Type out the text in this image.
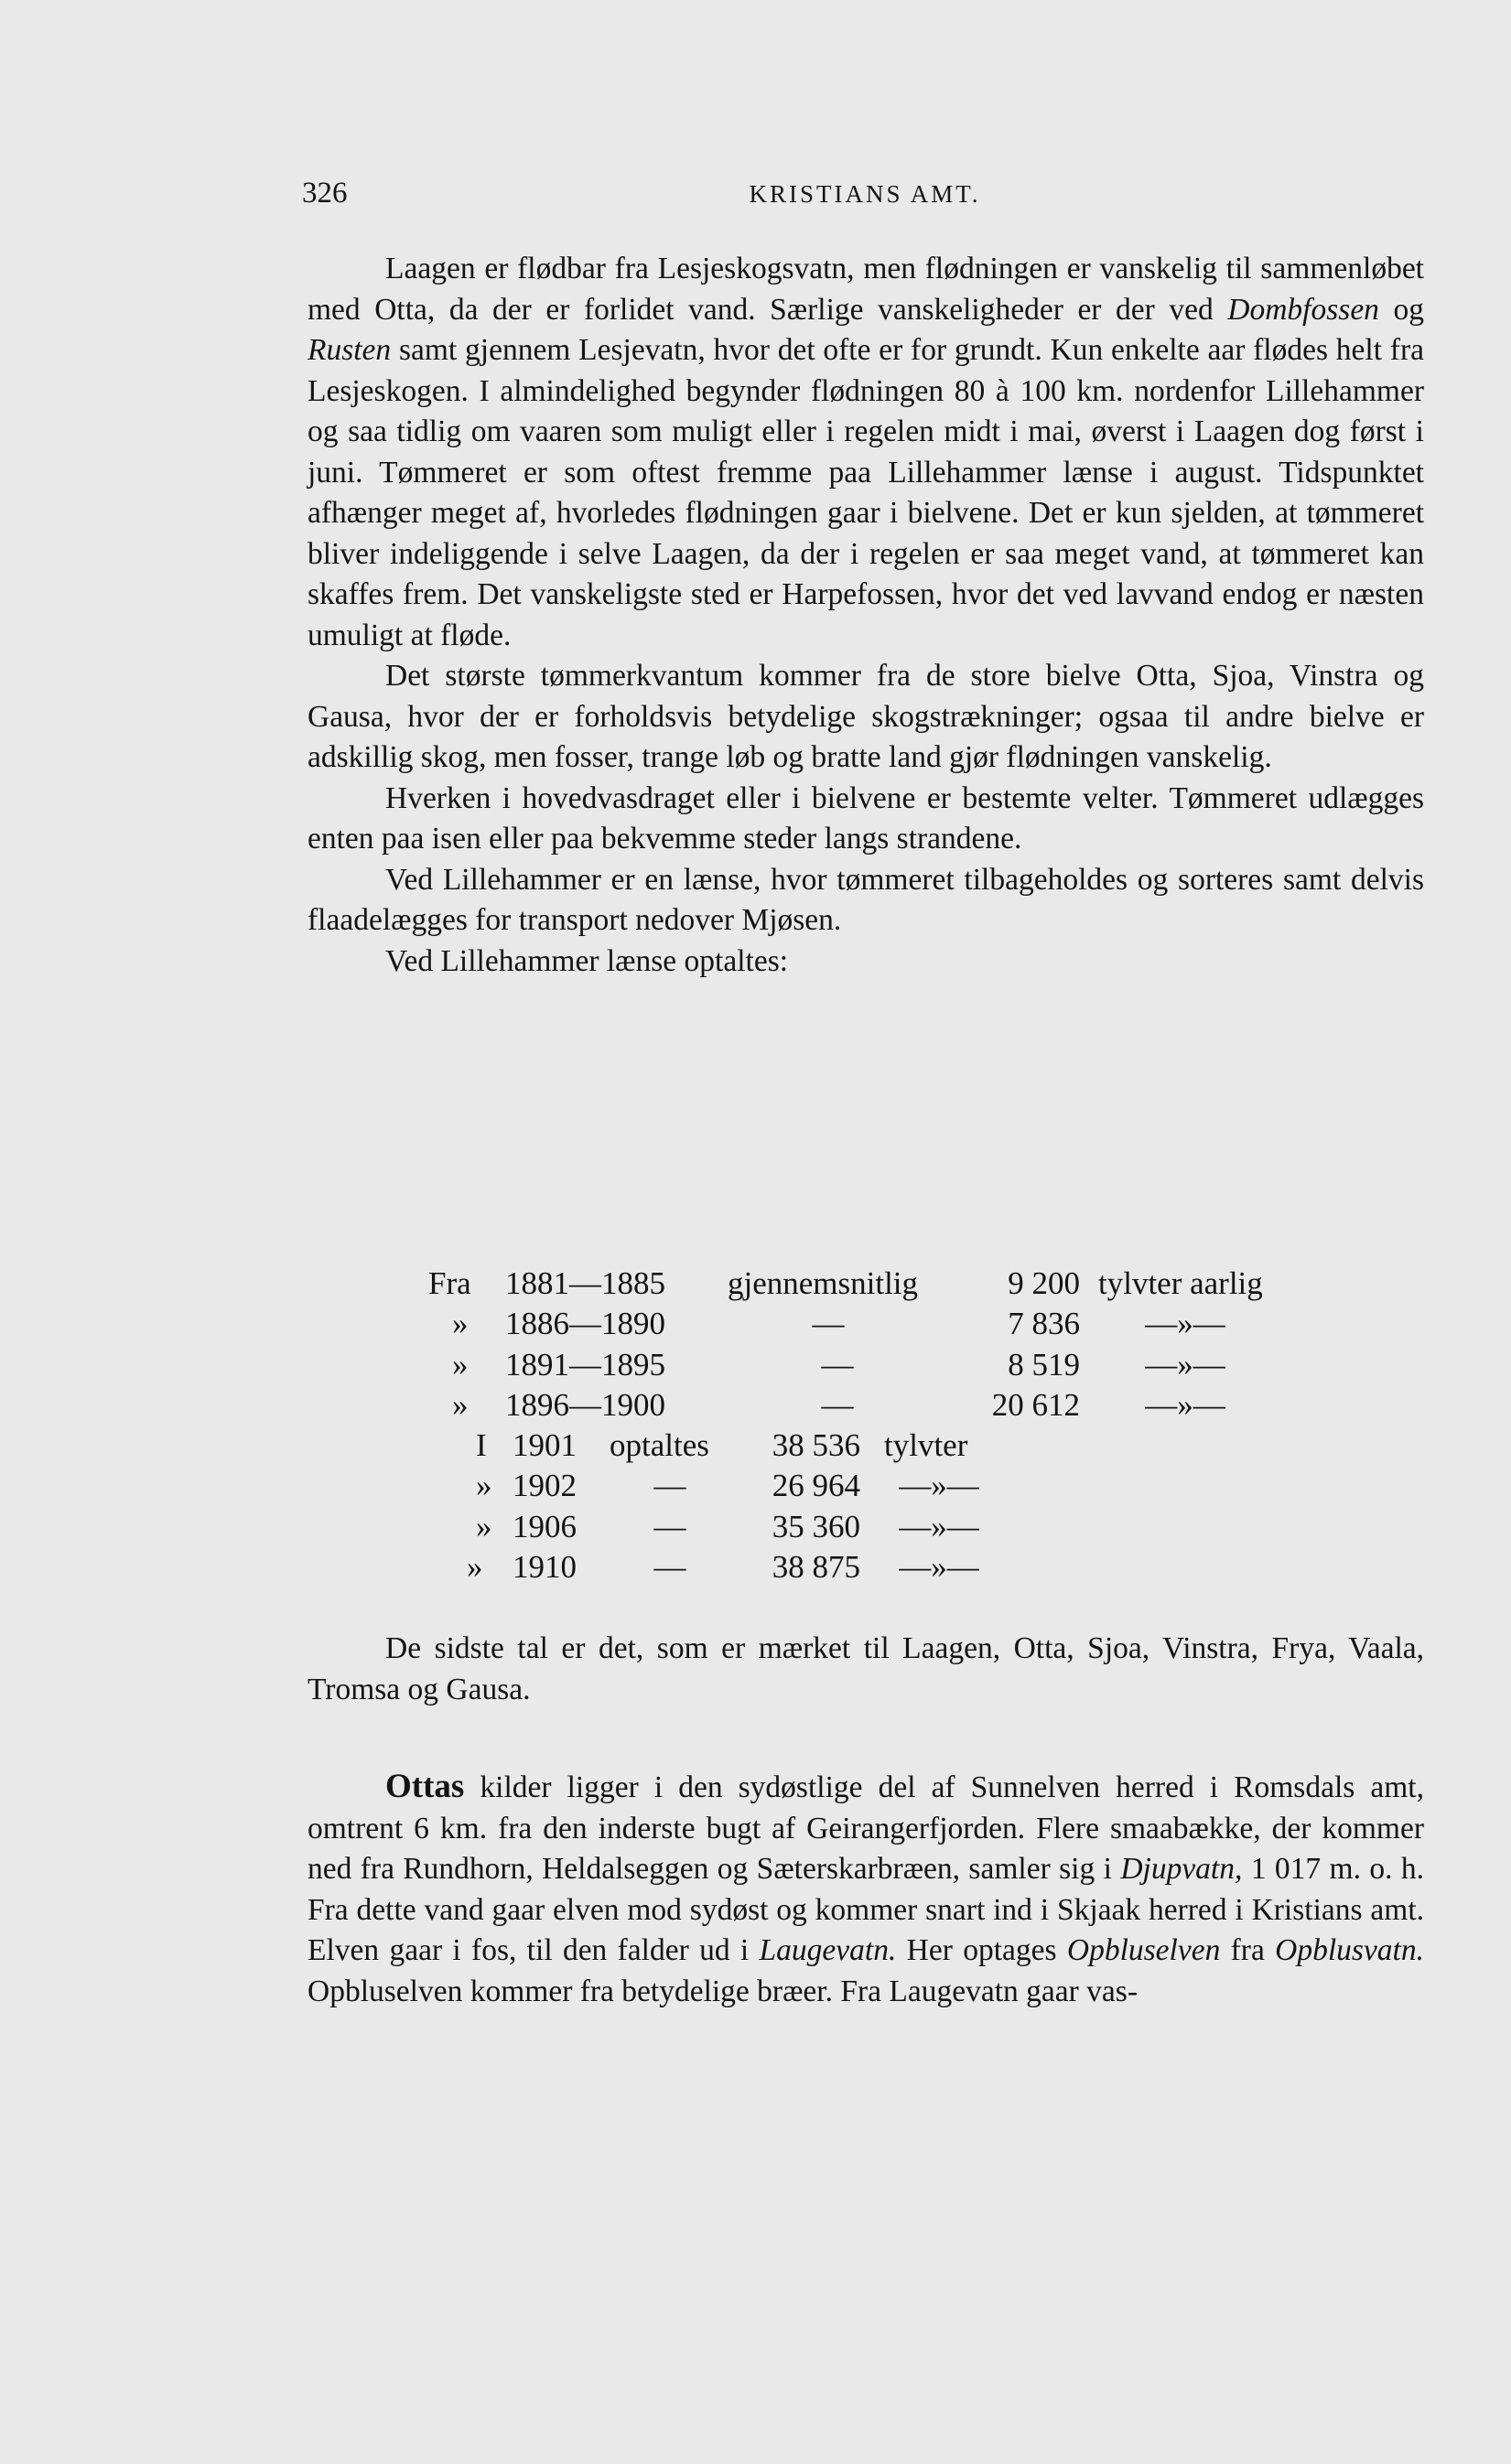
326	KRISTIANS AMT.

Laagen er flødbar fra Lesjeskogsvatn, men flødningen er vanskelig til sammenløbet med Otta, da der er forlidet vand. Særlige vanskeligheder er der ved Dombfossen og Rusten samt gjennem Lesjevatn, hvor det ofte er for grundt. Kun enkelte aar flødes helt fra Lesjeskogen. I almindelighed begynder flødningen 80 à 100 km. nordenfor Lillehammer og saa tidlig om vaaren som muligt eller i regelen midt i mai, øverst i Laagen dog først i juni. Tømmeret er som oftest fremme paa Lillehammer lænse i august. Tidspunktet afhænger meget af, hvorledes flødningen gaar i bielvene. Det er kun sjelden, at tømmeret bliver indeliggende i selve Laagen, da der i regelen er saa meget vand, at tømmeret kan skaffes frem. Det vanskeligste sted er Harpefossen, hvor det ved lavvand endog er næsten umuligt at fløde.

Det største tømmerkvantum kommer fra de store bielve Otta, Sjoa, Vinstra og Gausa, hvor der er forholdsvis betydelige skogstrækninger; ogsaa til andre bielve er adskillig skog, men fosser, trange løb og bratte land gjør flødningen vanskelig.

Hverken i hovedvasdraget eller i bielvene er bestemte velter. Tømmeret udlægges enten paa isen eller paa bekvemme steder langs strandene.

Ved Lillehammer er en lænse, hvor tømmeret tilbageholdes og sorteres samt delvis flaadelægges for transport nedover Mjøsen.

Ved Lillehammer lænse optaltes:

Fra 1881—1885 gjennemsnitlig	9 200 tylvter aarlig
» 1886—1890	—	7 836	—»—
» 1891—1895	—	8 519	—»—
» 1896—1900	—	20 612	—»—
I 1901 optaltes	38 536 tylvter
» 1902	—	26 964	—»—
» 1906	—	35 360	—»—
» 1910	—	38 875	—»—

De sidste tal er det, som er mærket til Laagen, Otta, Sjoa, Vinstra, Frya, Vaala, Tromsa og Gausa.

Ottas kilder ligger i den sydøstlige del af Sunnelven herred i Romsdals amt, omtrent 6 km. fra den inderste bugt af Geirangerfjorden. Flere smaabække, der kommer ned fra Rundhorn, Heldalseggen og Sæterskarbræen, samler sig i Djupvatn, 1 017 m. o. h. Fra dette vand gaar elven mod sydøst og kommer snart ind i Skjaak herred i Kristians amt. Elven gaar i fos, til den falder ud i Laugevatn. Her optages Opbluselven fra Opblusvatn. Opbluselven kommer fra betydelige bræer. Fra Laugevatn gaar vas-
